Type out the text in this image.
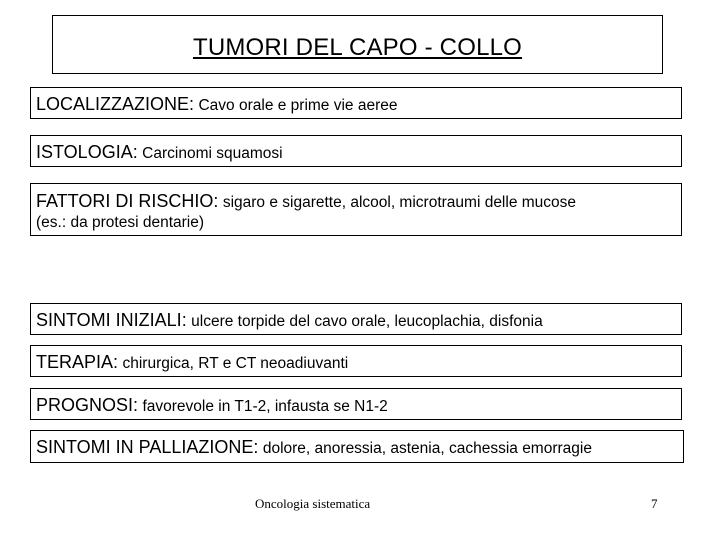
TUMORI DEL CAPO - COLLO
LOCALIZZAZIONE: Cavo orale e prime vie aeree
ISTOLOGIA: Carcinomi squamosi
FATTORI DI RISCHIO: sigaro e sigarette, alcool, microtraumi delle mucose
(es.: da protesi dentarie)
SINTOMI INIZIALI: ulcere torpide del cavo orale, leucoplachia, disfonia
TERAPIA: chirurgica, RT e CT neoadiuvanti
PROGNOSI: favorevole in T1-2, infausta se N1-2
SINTOMI IN PALLIAZIONE: dolore, anoressia, astenia, cachessia emorragie
Oncologia sistematica	7
